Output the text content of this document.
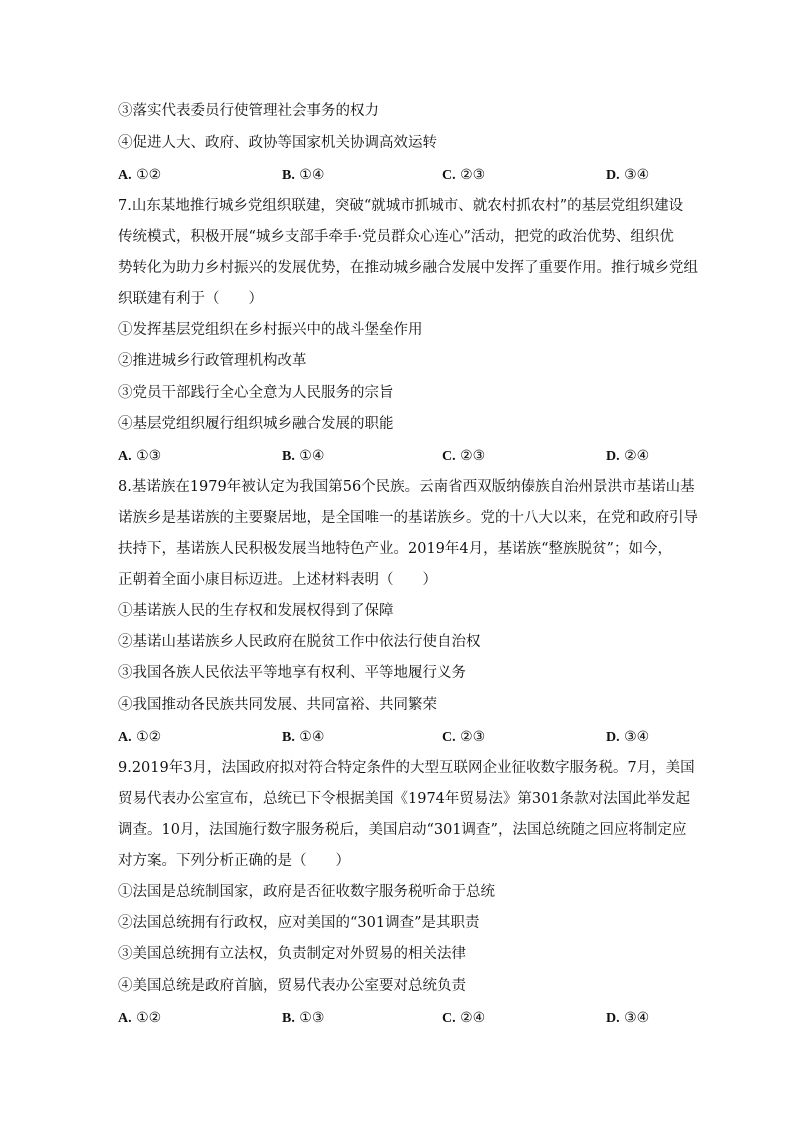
③落实代表委员行使管理社会事务的权力
④促进人大、政府、政协等国家机关协调高效运转
A. ①②	B. ①④	C. ②③	D. ③④
7.山东某地推行城乡党组织联建，突破“就城市抓城市、就农村抓农村”的基层党组织建设
传统模式，积极开展“城乡支部手牵手·党员群众心连心”活动，把党的政治优势、组织优
势转化为助力乡村振兴的发展优势，在推动城乡融合发展中发挥了重要作用。推行城乡党组
织联建有利于（　　）
①发挥基层党组织在乡村振兴中的战斗堡垒作用
②推进城乡行政管理机构改革
③党员干部践行全心全意为人民服务的宗旨
④基层党组织履行组织城乡融合发展的职能
A. ①③	B. ①④	C. ②③	D. ②④
8.基诺族在1979年被认定为我国第56个民族。云南省西双版纳傣族自治州景洪市基诺山基
诺族乡是基诺族的主要聚居地，是全国唯一的基诺族乡。党的十八大以来，在党和政府引导
扶持下，基诺族人民积极发展当地特色产业。2019年4月，基诺族“整族脱贫”；如今，
正朝着全面小康目标迈进。上述材料表明（　　）
①基诺族人民的生存权和发展权得到了保障
②基诺山基诺族乡人民政府在脱贫工作中依法行使自治权
③我国各族人民依法平等地享有权利、平等地履行义务
④我国推动各民族共同发展、共同富裕、共同繁荣
A. ①②	B. ①④	C. ②③	D. ③④
9.2019年3月，法国政府拟对符合特定条件的大型互联网企业征收数字服务税。7月，美国
贸易代表办公室宣布，总统已下令根据美国《1974年贸易法》第301条款对法国此举发起
调查。10月，法国施行数字服务税后，美国启动“301调查”，法国总统随之回应将制定应
对方案。下列分析正确的是（　　）
①法国是总统制国家，政府是否征收数字服务税听命于总统
②法国总统拥有行政权，应对美国的“301调查”是其职责
③美国总统拥有立法权，负责制定对外贸易的相关法律
④美国总统是政府首脑，贸易代表办公室要对总统负责
A. ①②	B. ①③	C. ②④	D. ③④
